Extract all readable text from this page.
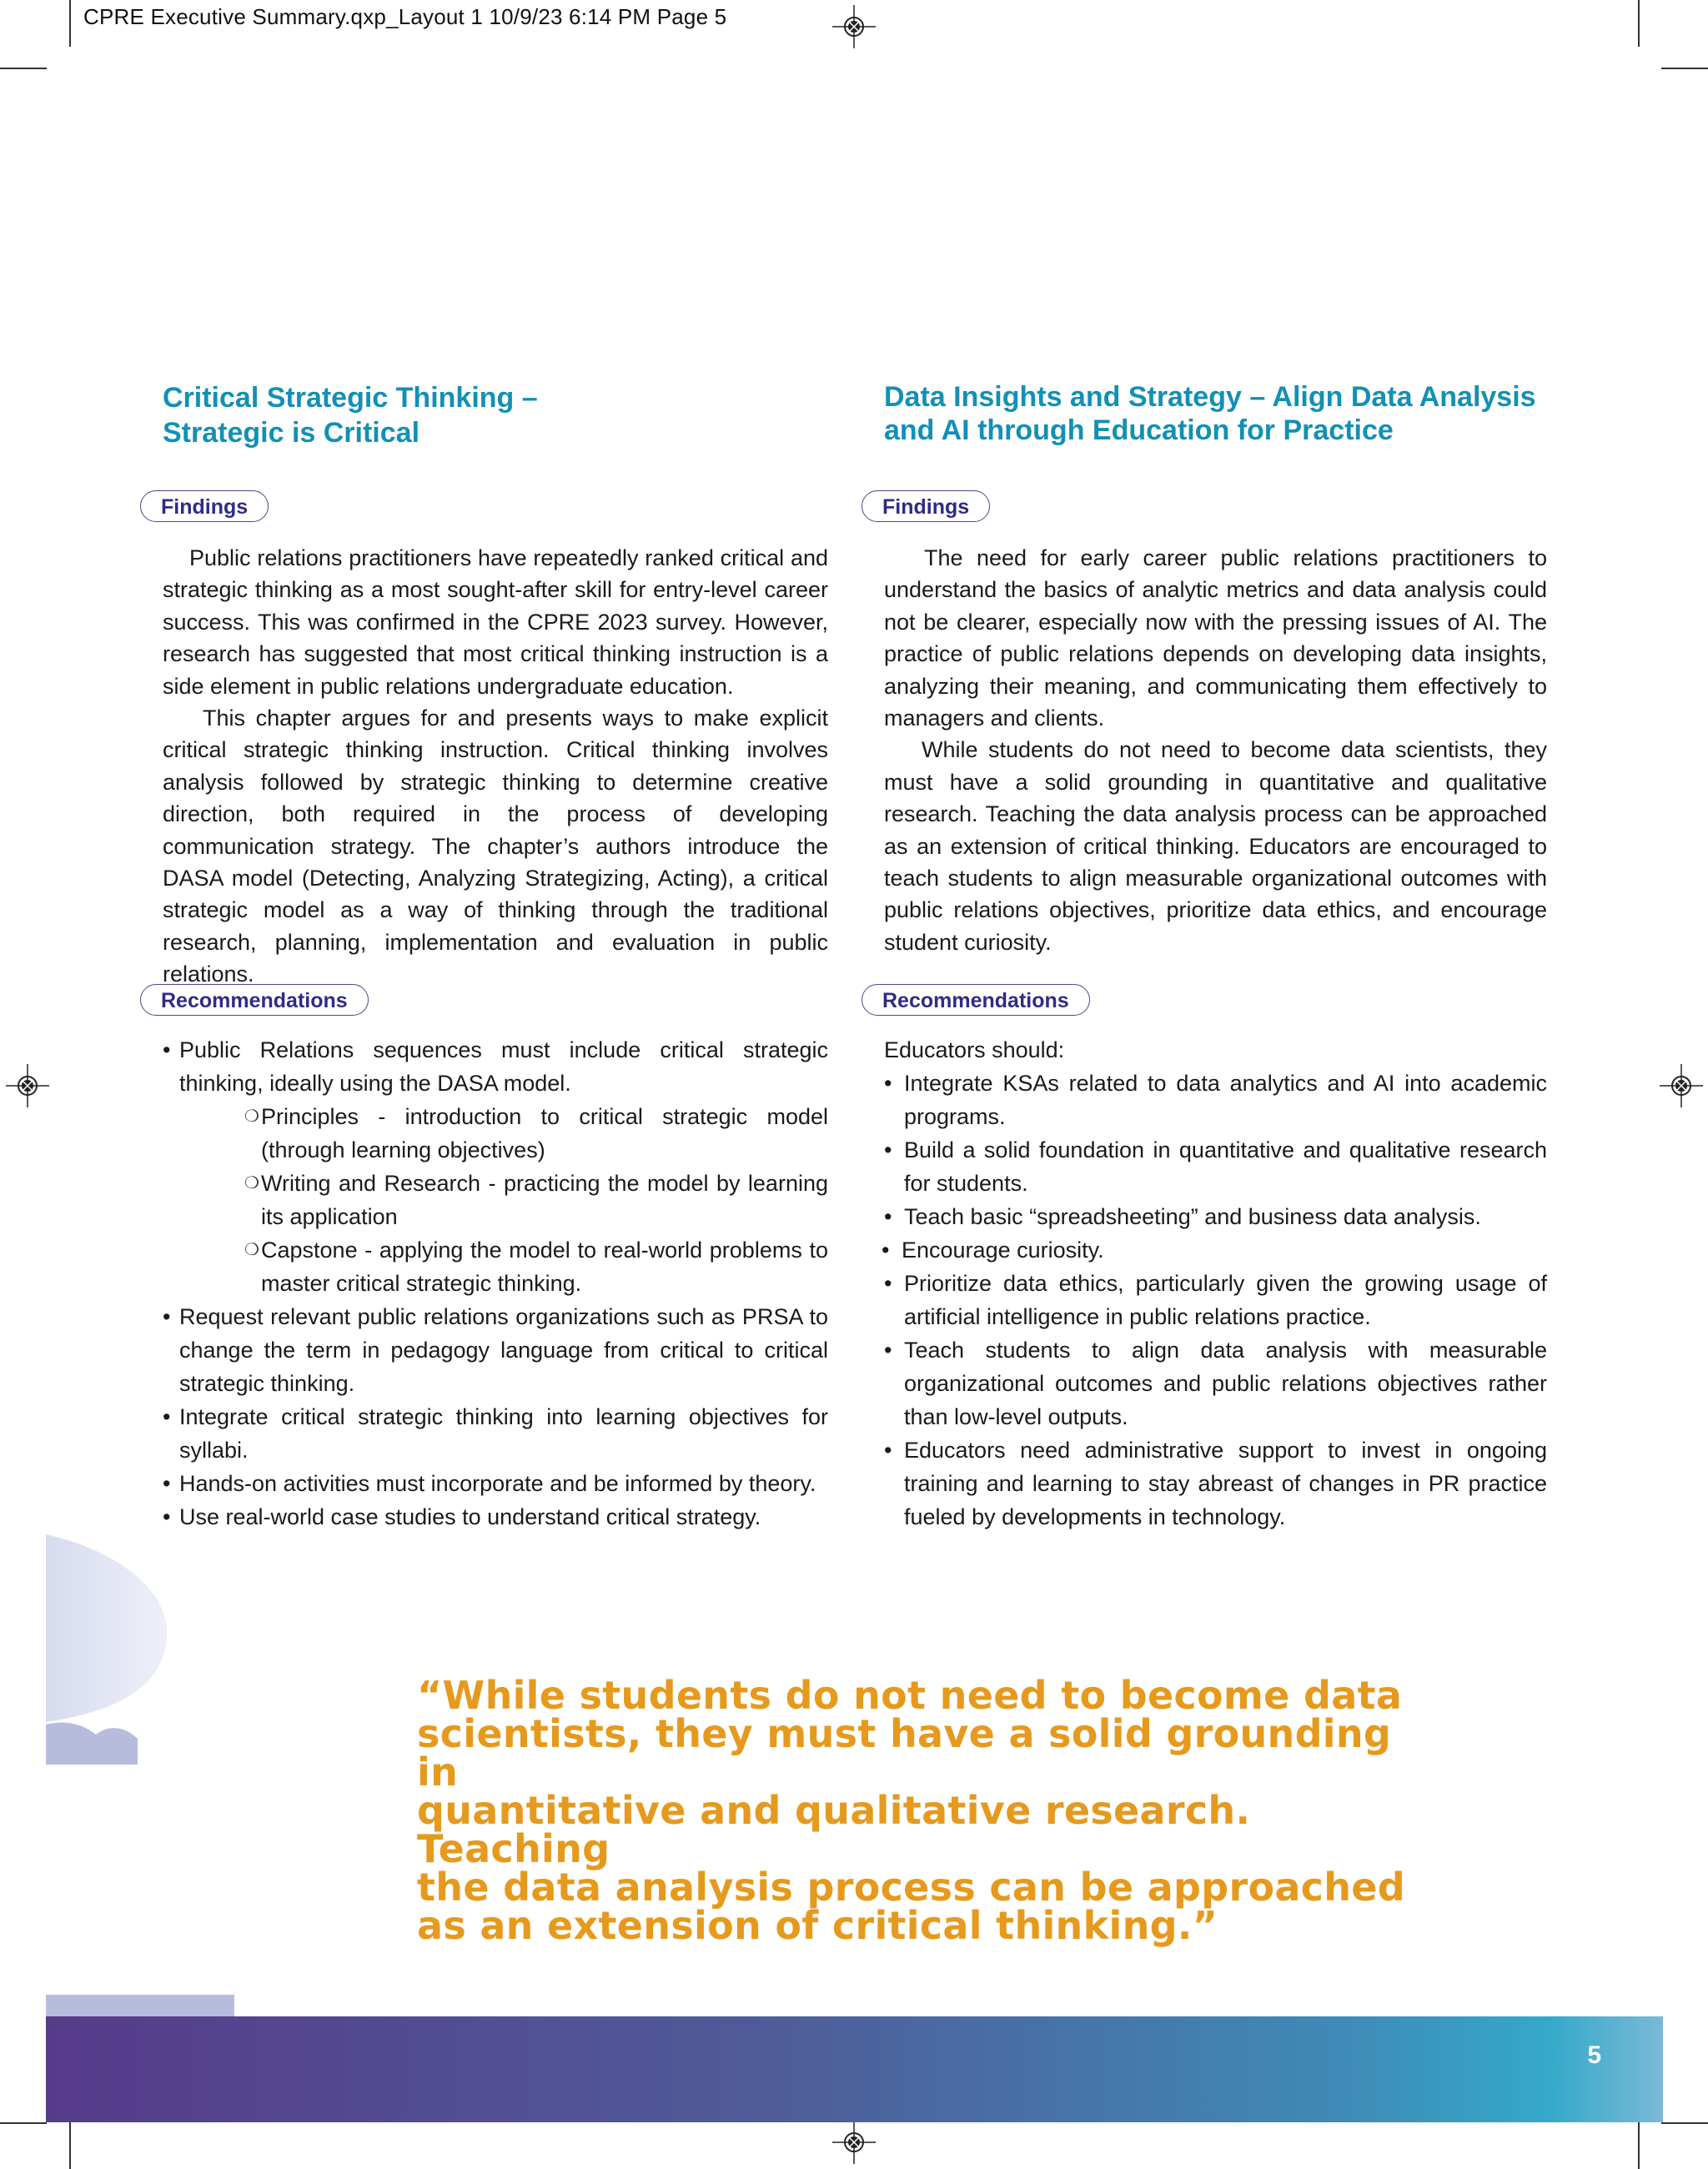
CPRE Executive Summary.qxp_Layout 1 10/9/23 6:14 PM Page 5
Critical Strategic Thinking –
Strategic is Critical
Findings

Public relations practitioners have repeatedly ranked critical and strategic thinking as a most sought-after skill for entry-level career success. This was confirmed in the CPRE 2023 survey. However, research has suggested that most critical thinking instruction is a side element in public relations undergraduate education.

This chapter argues for and presents ways to make explicit critical strategic thinking instruction. Critical thinking involves analysis followed by strategic thinking to determine creative direction, both required in the process of developing communication strategy. The chapter’s authors introduce the DASA model (Detecting, Analyzing Strategizing, Acting), a critical strategic model as a way of thinking through the traditional research, planning, implementation and evaluation in public relations.

Recommendations
• Public Relations sequences must include critical strategic thinking, ideally using the DASA model.
❍ Principles - introduction to critical strategic model (through learning objectives)
❍ Writing and Research - practicing the model by learning its application
❍ Capstone - applying the model to real-world problems to master critical strategic thinking.
• Request relevant public relations organizations such as PRSA to change the term in pedagogy language from critical to critical strategic thinking.
• Integrate critical strategic thinking into learning objectives for syllabi.
• Hands-on activities must incorporate and be informed by theory.
• Use real-world case studies to understand critical strategy.
Data Insights and Strategy – Align Data Analysis
and AI through Education for Practice
Findings

The need for early career public relations practitioners to understand the basics of analytic metrics and data analysis could not be clearer, especially now with the pressing issues of AI. The practice of public relations depends on developing data insights, analyzing their meaning, and communicating them effectively to managers and clients.

While students do not need to become data scientists, they must have a solid grounding in quantitative and qualitative research. Teaching the data analysis process can be approached as an extension of critical thinking. Educators are encouraged to teach students to align measurable organizational outcomes with public relations objectives, prioritize data ethics, and encourage student curiosity.

Recommendations
Educators should:
• Integrate KSAs related to data analytics and AI into academic programs.
• Build a solid foundation in quantitative and qualitative research for students.
• Teach basic “spreadsheeting” and business data analysis.
• Encourage curiosity.
• Prioritize data ethics, particularly given the growing usage of artificial intelligence in public relations practice.
• Teach students to align data analysis with measurable organizational outcomes and public relations objectives rather than low-level outputs.
• Educators need administrative support to invest in ongoing training and learning to stay abreast of changes in PR practice fueled by developments in technology.
“While students do not need to become data
scientists, they must have a solid grounding in
quantitative and qualitative research. Teaching
the data analysis process can be approached
as an extension of critical thinking.”
5
